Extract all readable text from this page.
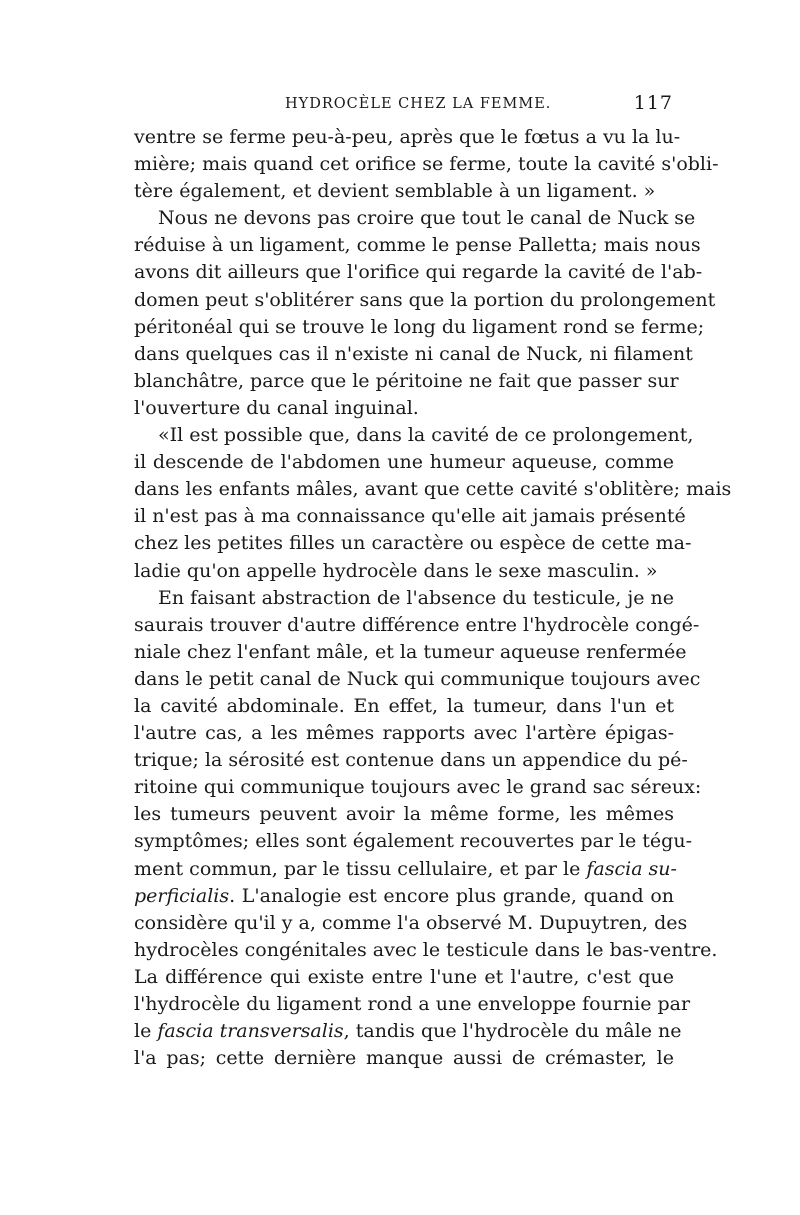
HYDROCÈLE CHEZ LA FEMME.	117
ventre se ferme peu-à-peu, après que le fœtus a vu la lu-
mière; mais quand cet orifice se ferme, toute la cavité s'obli-
tère également, et devient semblable à un ligament. »
Nous ne devons pas croire que tout le canal de Nuck se
réduise à un ligament, comme le pense Palletta; mais nous
avons dit ailleurs que l'orifice qui regarde la cavité de l'ab-
domen peut s'oblitérer sans que la portion du prolongement
péritonéal qui se trouve le long du ligament rond se ferme;
dans quelques cas il n'existe ni canal de Nuck, ni filament
blanchâtre, parce que le péritoine ne fait que passer sur
l'ouverture du canal inguinal.
«Il est possible que, dans la cavité de ce prolongement,
il descende de l'abdomen une humeur aqueuse, comme
dans les enfants mâles, avant que cette cavité s'oblitère; mais
il n'est pas à ma connaissance qu'elle ait jamais présenté
chez les petites filles un caractère ou espèce de cette ma-
ladie qu'on appelle hydrocèle dans le sexe masculin. »
En faisant abstraction de l'absence du testicule, je ne
saurais trouver d'autre différence entre l'hydrocèle congé-
niale chez l'enfant mâle, et la tumeur aqueuse renfermée
dans le petit canal de Nuck qui communique toujours avec
la cavité abdominale. En effet, la tumeur, dans l'un et
l'autre cas, a les mêmes rapports avec l'artère épigas-
trique; la sérosité est contenue dans un appendice du pé-
ritoine qui communique toujours avec le grand sac séreux:
les tumeurs peuvent avoir la même forme, les mêmes
symptômes; elles sont également recouvertes par le tégu-
ment commun, par le tissu cellulaire, et par le fascia su-
perficialis. L'analogie est encore plus grande, quand on
considère qu'il y a, comme l'a observé M. Dupuytren, des
hydrocèles congénitales avec le testicule dans le bas-ventre.
La différence qui existe entre l'une et l'autre, c'est que
l'hydrocèle du ligament rond a une enveloppe fournie par
le fascia transversalis, tandis que l'hydrocèle du mâle ne
l'a pas; cette dernière manque aussi de crémaster, le
